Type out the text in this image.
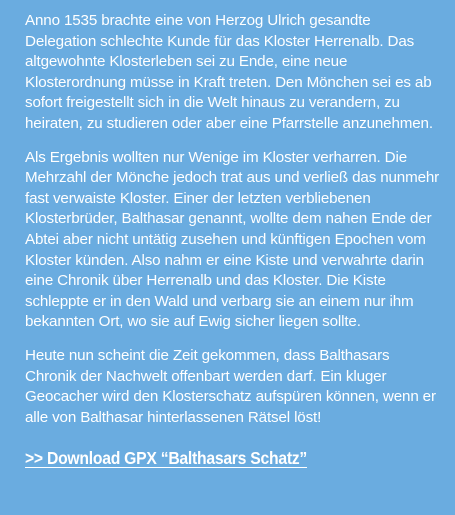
Anno 1535 brachte eine von Herzog Ulrich gesandte Delegation schlechte Kunde für das Kloster Herrenalb. Das altgewohnte Klosterleben sei zu Ende, eine neue Klosterordnung müsse in Kraft treten. Den Mönchen sei es ab sofort freigestellt sich in die Welt hinaus zu verandern, zu heiraten, zu studieren oder aber eine Pfarrstelle anzunehmen.

Als Ergebnis wollten nur Wenige im Kloster verharren. Die Mehrzahl der Mönche jedoch trat aus und verließ das nunmehr fast verwaiste Kloster. Einer der letzten verbliebenen Klosterbrüder, Balthasar genannt, wollte dem nahen Ende der Abtei aber nicht untätig zusehen und künftigen Epochen vom Kloster künden. Also nahm er eine Kiste und verwahrte darin eine Chronik über Herrenalb und das Kloster. Die Kiste schleppte er in den Wald und verbarg sie an einem nur ihm bekannten Ort, wo sie auf Ewig sicher liegen sollte.

Heute nun scheint die Zeit gekommen, dass Balthasars Chronik der Nachwelt offenbart werden darf. Ein kluger Geocacher wird den Klosterschatz aufspüren können, wenn er alle von Balthasar hinterlassenen Rätsel löst!

>> Download GPX “Balthasars Schatz”
